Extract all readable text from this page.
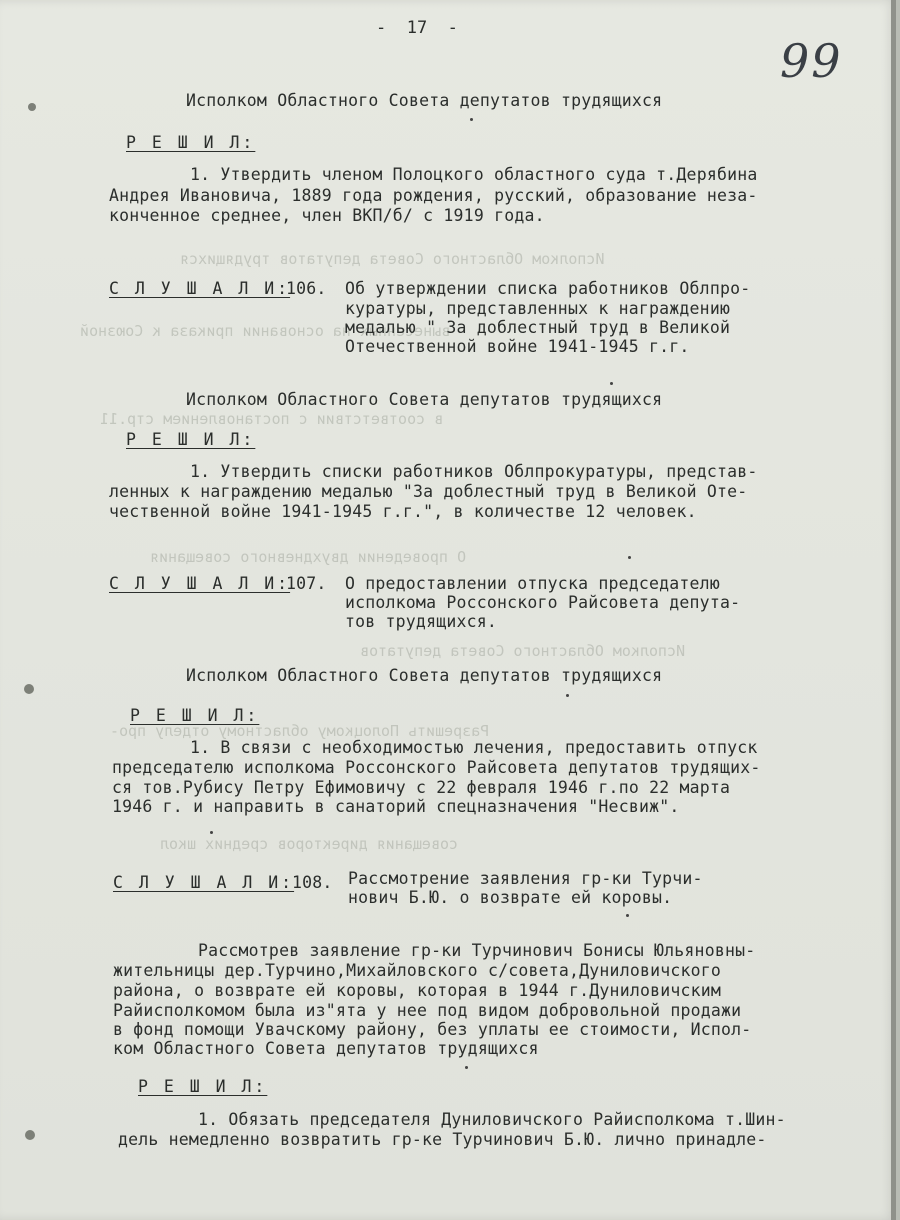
Исполком Областного Совета депутатов трудящихся
вынесенных на основании приказа к Союзной
в соответствии с постановлением стр.11
О проведении двухдневного совещания
Исполком Областного Совета депутатов
Разрешить Полоцкому областному отделу про-
совещания директоров средних школ
-  17  -
99
Исполком Областного Совета депутатов трудящихся
Р Е Ш И Л:
1. Утвердить членом Полоцкого областного суда т.Дерябина
Андрея Ивановича, 1889 года рождения, русский, образование неза-
конченное среднее, член ВКП/б/ с 1919 года.
С Л У Ш А Л И:
106. Об утверждении списка работников Облпро-
куратуры, представленных к награждению
медалью " За доблестный труд в Великой
Отечественной войне 1941-1945 г.г.
Исполком Областного Совета депутатов трудящихся
Р Е Ш И Л:
1. Утвердить списки работников Облпрокуратуры, представ-
ленных к награждению медалью "За доблестный труд в Великой Оте-
чественной войне 1941-1945 г.г.", в количестве 12 человек.
С Л У Ш А Л И:
107. О предоставлении отпуска председателю
исполкома Россонского Райсовета депута-
тов трудящихся.
Исполком Областного Совета депутатов трудящихся
Р Е Ш И Л:
1. В связи с необходимостью лечения, предоставить отпуск
председателю исполкома Россонского Райсовета депутатов трудящих-
ся тов.Рубису Петру Ефимовичу с 22 февраля 1946 г.по 22 марта
1946 г. и направить в санаторий спецназначения "Несвиж".
С Л У Ш А Л И:
108. Рассмотрение заявления гр-ки Турчи-
нович Б.Ю. о возврате ей коровы.
Рассмотрев заявление гр-ки Турчинович Бонисы Юльяновны-
жительницы дер.Турчино,Михайловского с/совета,Дуниловичского
района, о возврате ей коровы, которая в 1944 г.Дуниловичским
Райисполкомом была из"ята у нее под видом добровольной продажи
в фонд помощи Увачскому району, без уплаты ее стоимости, Испол-
ком Областного Совета депутатов трудящихся
Р Е Ш И Л:
1. Обязать председателя Дуниловичского Райисполкома т.Шин-
дель немедленно возвратить гр-ке Турчинович Б.Ю. лично принадле-
